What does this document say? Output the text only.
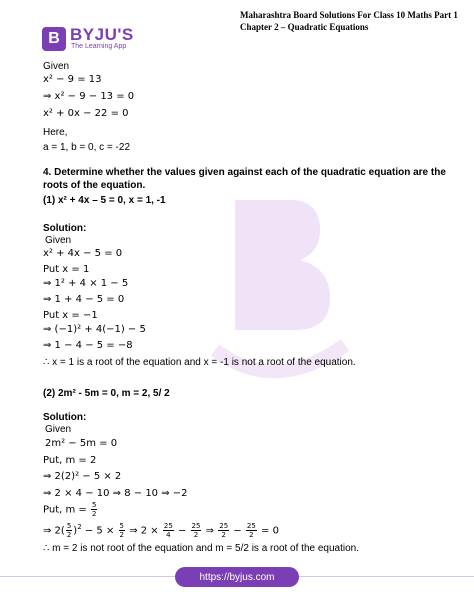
B BYJU'S
The Learning App
Maharashtra Board Solutions For Class 10 Maths Part 1
Chapter 2 – Quadratic Equations
Given
x² − 9 = 13
⇒ x² − 9 − 13 = 0
x² + 0x − 22 = 0
Here,
a = 1, b = 0, c = -22
4. Determine whether the values given against each of the quadratic equation are the
roots of the equation.
(1) x² + 4x – 5 = 0, x = 1, -1
Solution:
Given
x² + 4x − 5 = 0
Put x = 1
⇒ 1² + 4 × 1 − 5
⇒ 1 + 4 − 5 = 0
Put x = −1
⇒ (−1)² + 4(−1) − 5
⇒ 1 − 4 − 5 = −8
∴ x = 1 is a root of the equation and x = -1 is not a root of the equation.
(2) 2m² - 5m = 0, m = 2, 5/ 2
Solution:
Given
2m² − 5m = 0
Put, m = 2
⇒ 2(2)² − 5 × 2
⇒ 2 × 4 − 10 ⇒ 8 − 10 ⇒ −2
Put, $m = \frac{5}{2}$
⇒ $2( \frac{5}{2} )^2 - 5 \times \frac{5}{2}$ ⇒ $2 \times \frac{25}{4} - \frac{25}{2}$ ⇒ $\frac{25}{2} - \frac{25}{2} = 0$
∴ m = 2 is not root of the equation and m = 5/2 is a root of the equation.
https://byjus.com
